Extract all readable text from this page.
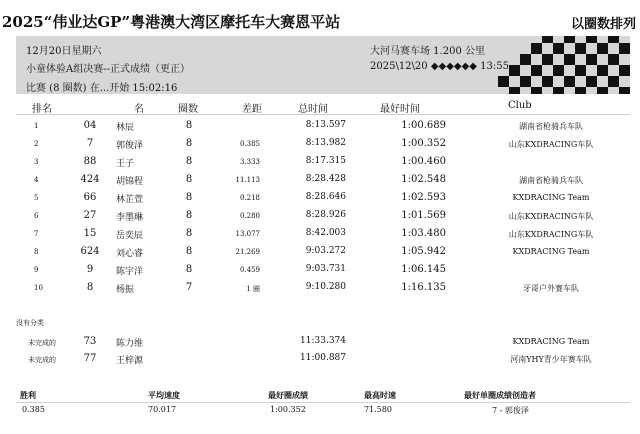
2025“伟业达GP”粤港澳大湾区摩托车大赛恩平站	以圈数排列
12月20日星期六
小童体验A组决赛--正式成绩（更正）
比赛 (8 圈数) 在...开始 15:02:16
大河马赛车场 1.200 公里
2025\12\20 ◆◆◆◆◆◆ 13:55
排名	名	圈数	差距	总时间	最好时间	Club
1	04	林辰	8	8:13.597	1:00.689	湖南省枪骑兵车队
2	7	郭俊泽	8	0.385	8:13.982	1:00.352	山东KXDRACING车队
3	88	王子	8	3.333	8:17.315	1:00.460
4	424 胡锦程	8	11.113	8:28.428	1:02.548	湖南省枪骑兵车队
5	66	林芷萱	8	0.218	8:28.646	1:02.593	KXDRACING Team
6	27	李墨琳	8	0.280	8:28.926	1:01.569	山东KXDRACING车队
7	15	岳奕辰	8	13.077	8:42.003	1:03.480	山东KXDRACING车队
8	624 刘心睿	8	21.269	9:03.272	1:05.942	KXDRACING Team
9	9	陈宇洋	8	0.459	9:03.731	1:06.145
10	8	杨振	7	1 圈	9:10.280	1:16.135	牙哥户外赛车队
没有分类
未完成的	73	陈力维	11:33.374	KXDRACING Team
未完成的	77	王梓源	11:00.887	河南YHY青少年赛车队
胜利	平均速度	最好圈成绩	最高时速	最好单圈成绩创造者
0.385	70.017	1:00.352	71.580	7 - 郭俊泽
